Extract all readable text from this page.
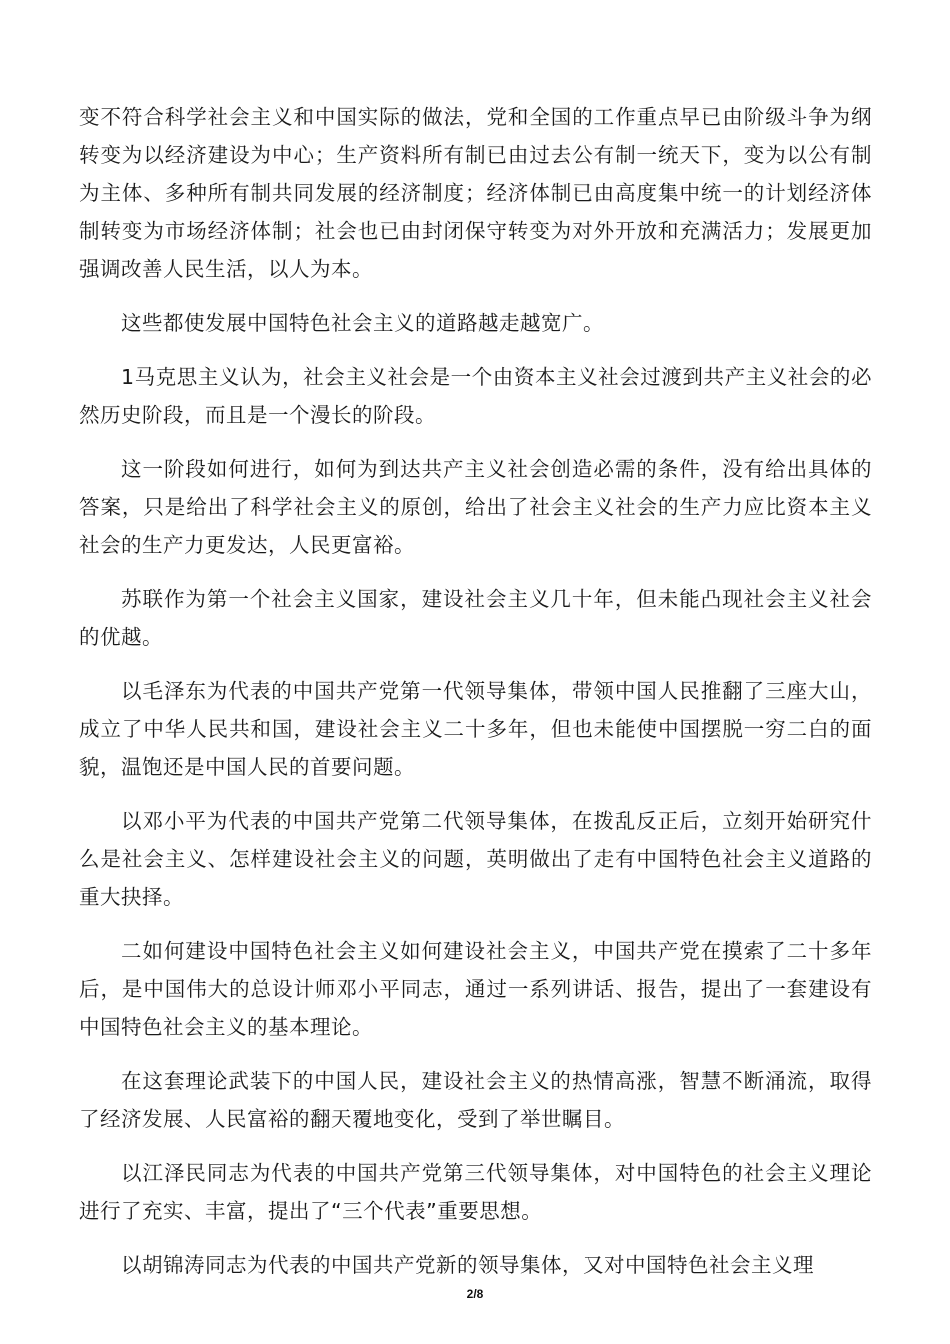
变不符合科学社会主义和中国实际的做法，党和全国的工作重点早已由阶级斗争为纲转变为以经济建设为中心；生产资料所有制已由过去公有制一统天下，变为以公有制为主体、多种所有制共同发展的经济制度；经济体制已由高度集中统一的计划经济体制转变为市场经济体制；社会也已由封闭保守转变为对外开放和充满活力；发展更加强调改善人民生活，以人为本。

这些都使发展中国特色社会主义的道路越走越宽广。

1马克思主义认为，社会主义社会是一个由资本主义社会过渡到共产主义社会的必然历史阶段，而且是一个漫长的阶段。

这一阶段如何进行，如何为到达共产主义社会创造必需的条件，没有给出具体的答案，只是给出了科学社会主义的原创，给出了社会主义社会的生产力应比资本主义社会的生产力更发达，人民更富裕。

苏联作为第一个社会主义国家，建设社会主义几十年，但未能凸现社会主义社会的优越。

以毛泽东为代表的中国共产党第一代领导集体，带领中国人民推翻了三座大山，成立了中华人民共和国，建设社会主义二十多年，但也未能使中国摆脱一穷二白的面貌，温饱还是中国人民的首要问题。

以邓小平为代表的中国共产党第二代领导集体，在拨乱反正后，立刻开始研究什么是社会主义、怎样建设社会主义的问题，英明做出了走有中国特色社会主义道路的重大抉择。

二如何建设中国特色社会主义如何建设社会主义，中国共产党在摸索了二十多年后，是中国伟大的总设计师邓小平同志，通过一系列讲话、报告，提出了一套建设有中国特色社会主义的基本理论。

在这套理论武装下的中国人民，建设社会主义的热情高涨，智慧不断涌流，取得了经济发展、人民富裕的翻天覆地变化，受到了举世瞩目。

以江泽民同志为代表的中国共产党第三代领导集体，对中国特色的社会主义理论进行了充实、丰富，提出了“三个代表”重要思想。

以胡锦涛同志为代表的中国共产党新的领导集体，又对中国特色社会主义理

2/8
